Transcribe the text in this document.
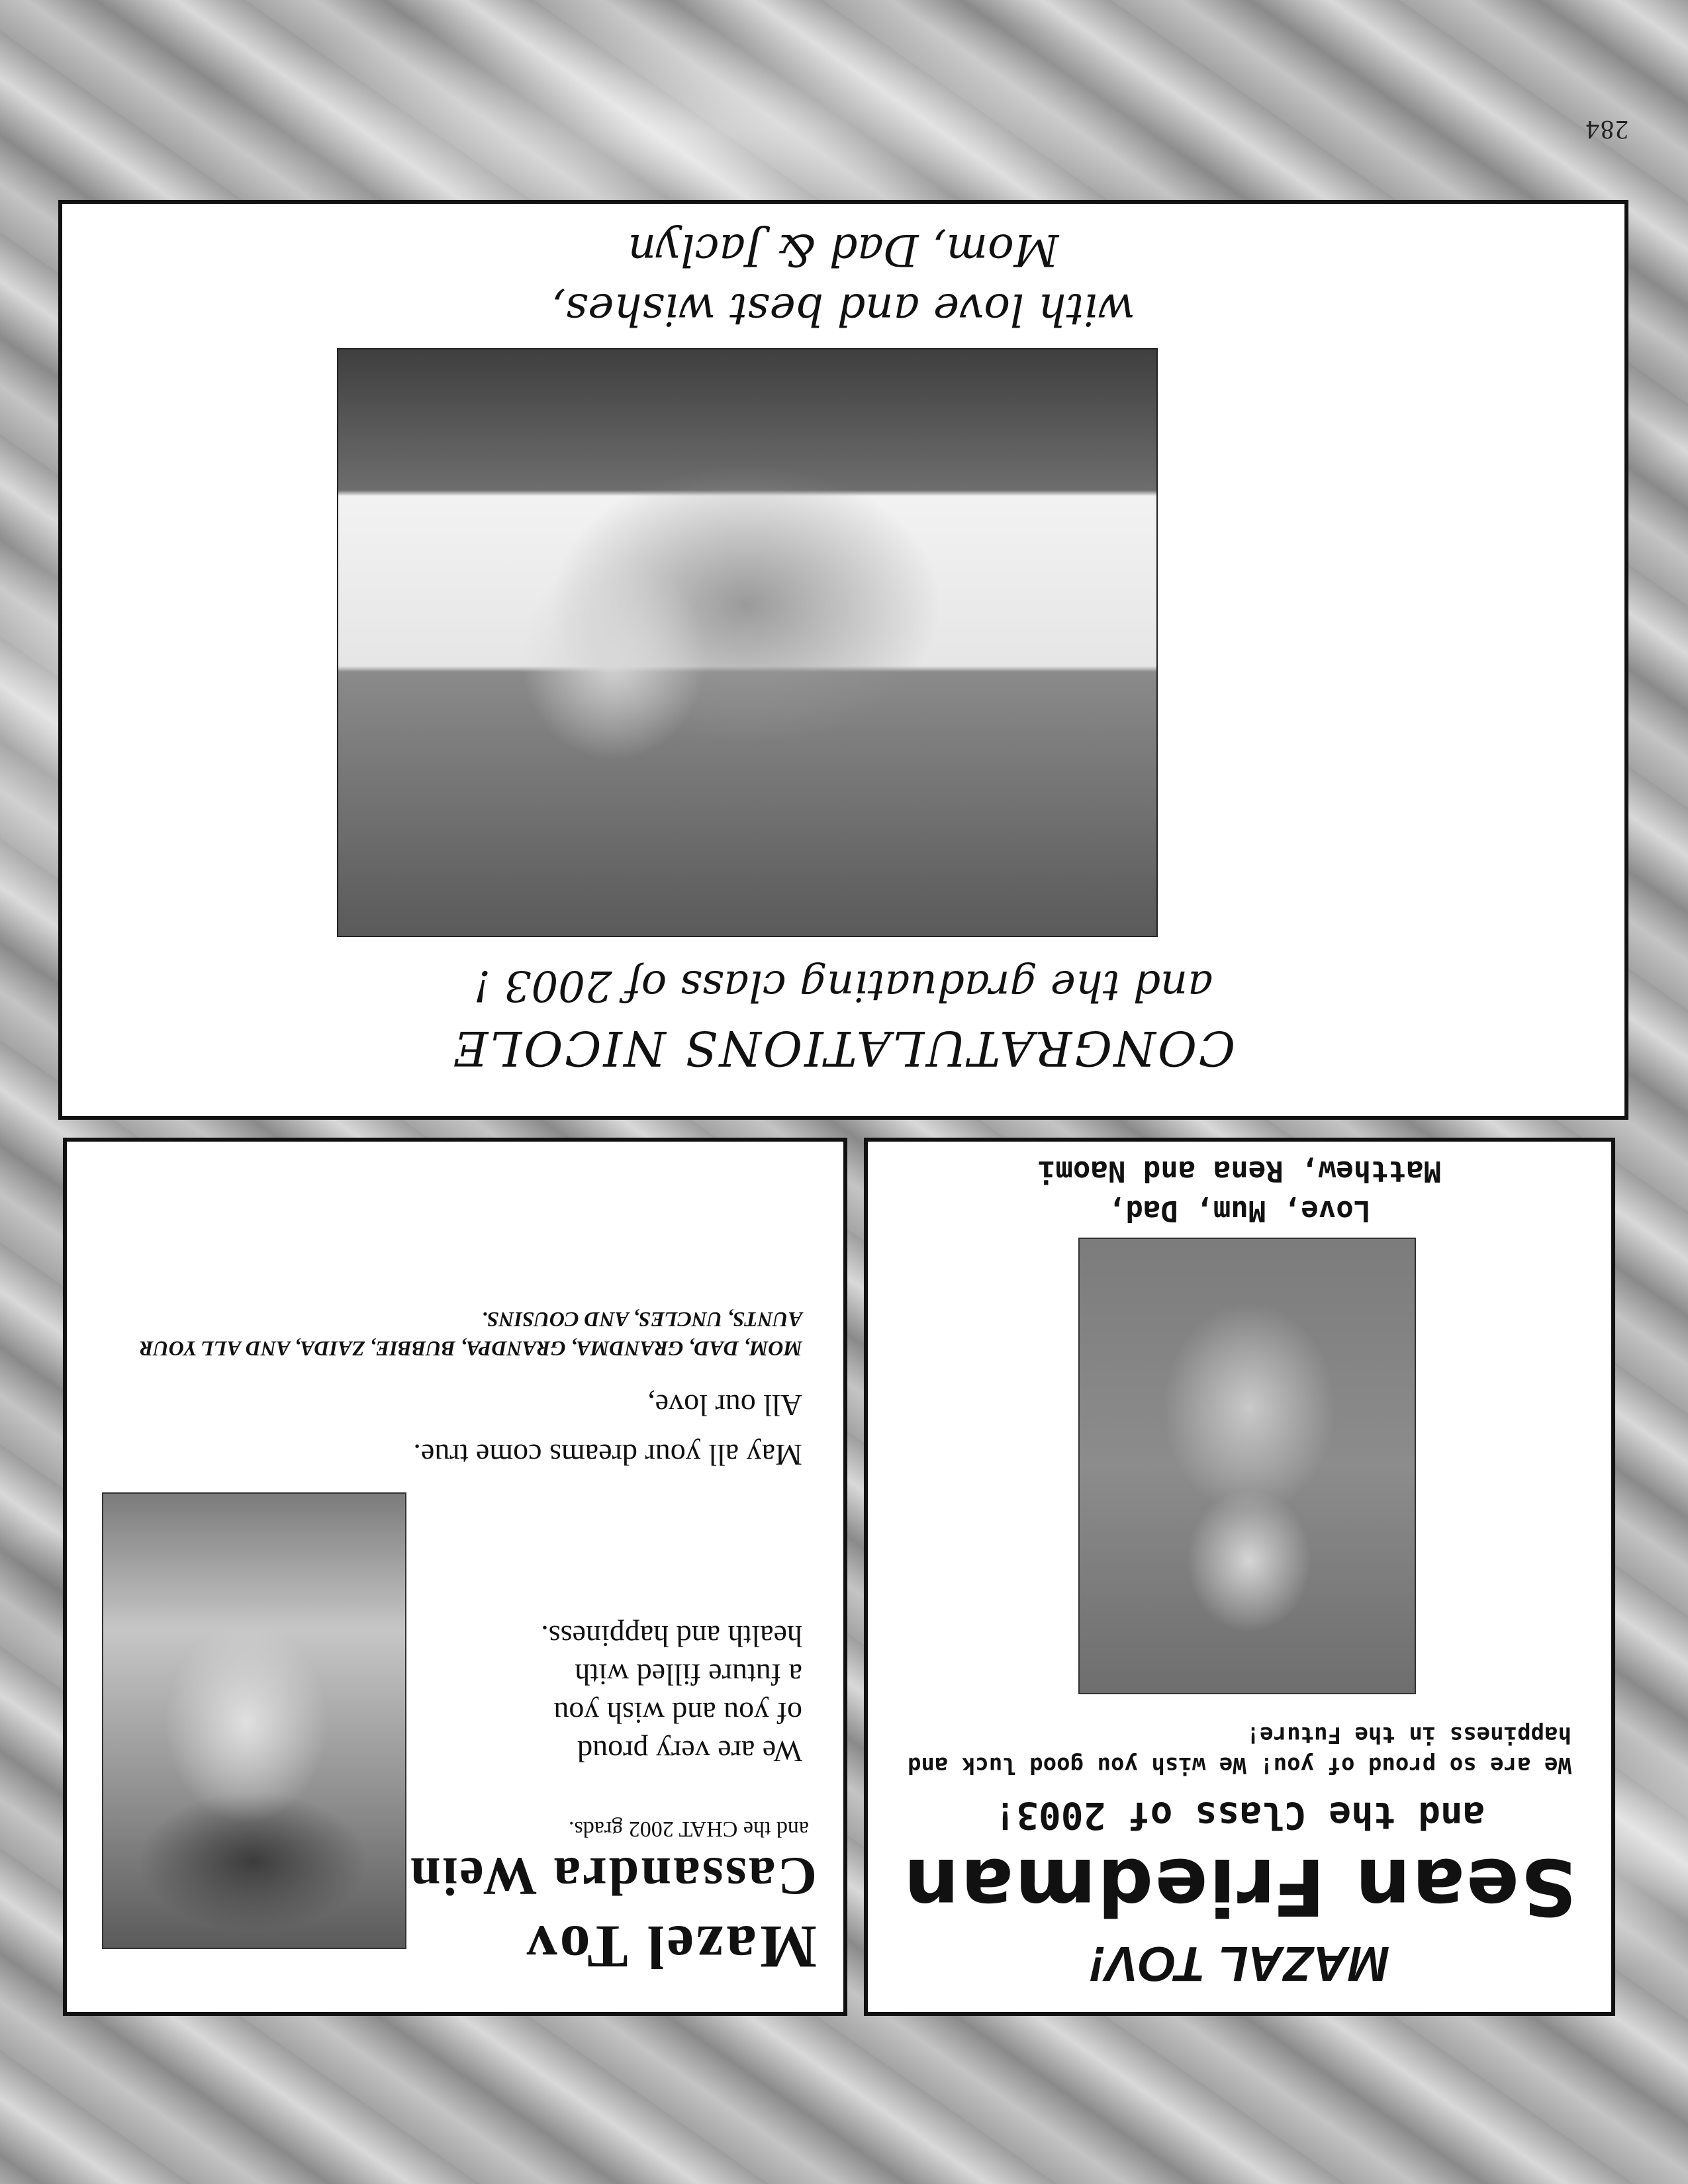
284
CONGRATULATIONS NICOLE
and the graduating class of 2003 !
with love and best wishes,
Mom, Dad & Jaclyn
Mazel Tov
Cassandra Wein
and the CHAT 2002 grads.
We are very proud
of you and wish you
a future filled with
health and happiness.
May all your dreams come true.
All our love,
MOM, DAD, GRANDMA, GRANDPA, BUBBIE, ZAIDA, AND ALL YOUR AUNTS, UNCLES, AND COUSINS.
MAZAL TOV!
Sean Friedman
and the Class of 2003!
We are so proud of you! We wish you good luck and happiness in the Future!
Love, Mum, Dad,
Matthew, Rena and Naomi
